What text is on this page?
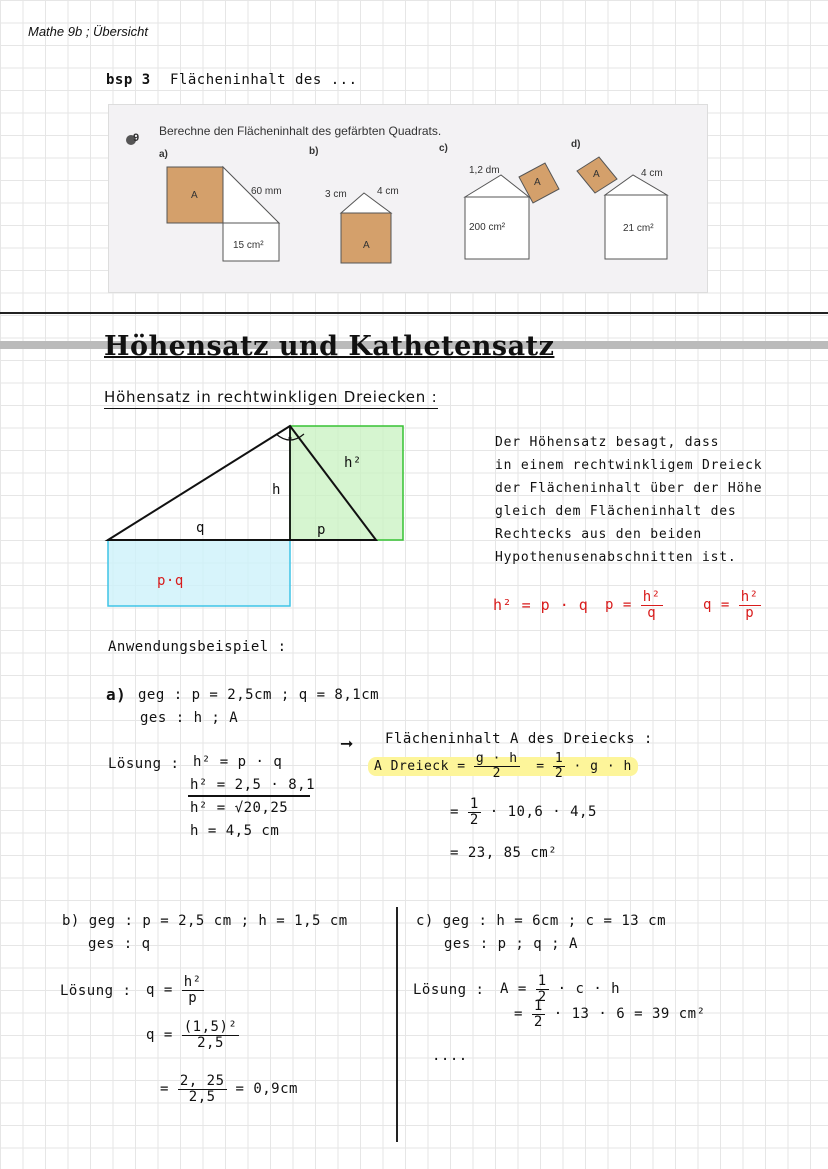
Mathe 9b ; Übersicht
bsp 3 Flächeninhalt des ...
9 Berechne den Flächeninhalt des gefärbten Quadrats.
a)	b)	c)	d)
60 mm
15 cm²
A	3 cm	4 cm
A
1,2 dm
200 cm²
A
4 cm
21 cm²
A
Höhensatz und Kathetensatz
Höhensatz in rechtwinkligen Dreiecken :
h²
h
q	p
p·q
Der Höhensatz besagt, dass
in einem rechtwinkligem Dreieck
der Flächeninhalt über der Höhe
gleich dem Flächeninhalt des
Rechtecks aus den beiden
Hypothenusenabschnitten ist.
h² = p · q $p = \frac{\text{h²}}{q}$	$q = \frac{\text{h²}}{p}$
Anwendungsbeispiel :
a) geg : p = 2,5cm ; q = 8,1cm
ges : h ; A
Lösung : h² = p · q
h² = 2,5 · 8,1
h² = √20,25
h = 4,5 cm
➞ Flächeninhalt A des Dreiecks :
A Dreieck = $\frac{g \cdot h}{2} = \frac{1}{2} \cdot g \cdot h$
= $\frac{1}{2} \cdot 10,6 \cdot 4,5$
= 23, 85 cm²
b) geg : p = 2,5 cm ; h = 1,5 cm
ges : q
Lösung : $q = \frac{\text{h²}}{p}$
$q = \frac{\text{(1,5)²}}{2,5}$
= $\frac{2, 25}{2,5} = 0,9cm$
c) geg : h = 6cm ; c = 13 cm
ges : p ; q ; A
Lösung : $A = \frac{1}{2} \cdot c \cdot h$
= $\frac{1}{2} \cdot 13 \cdot 6 = 39$ cm²
....
